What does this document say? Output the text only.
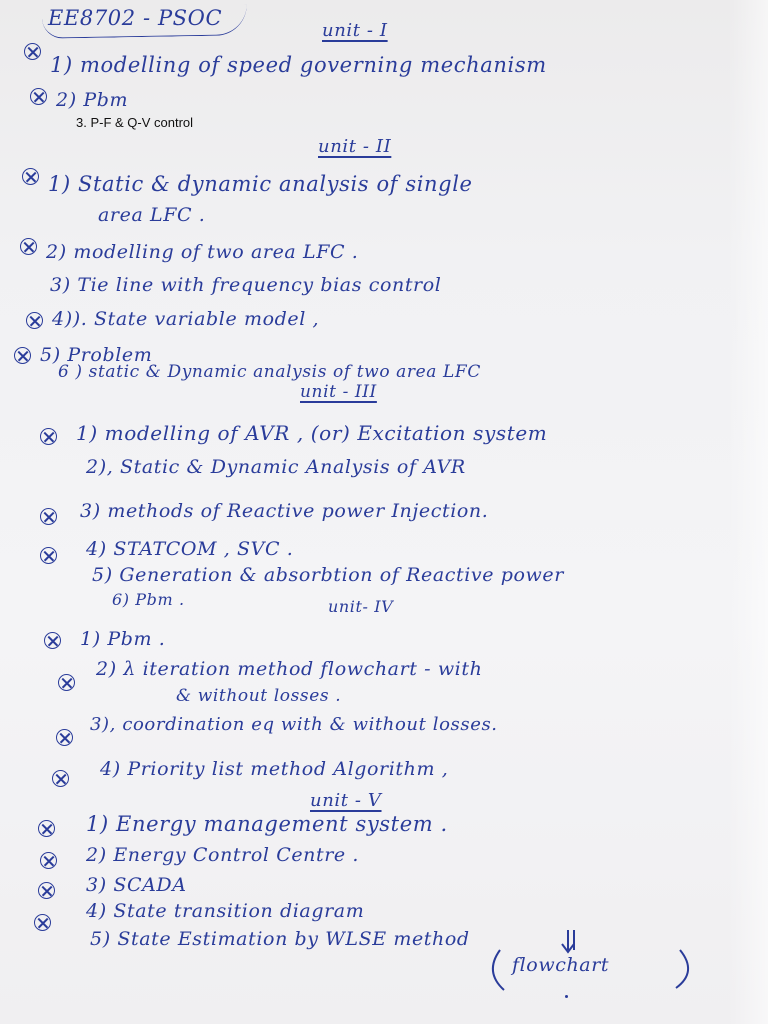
EE8702 - PSOC
unit - I
1) modelling of speed governing mechanism
2) Pbm
3. P-F & Q-V control
unit - II
1) Static & dynamic analysis of single
area LFC .
2) modelling of two area LFC .
3) Tie line with frequency bias control
4)). State variable model ,
5) Problem
6 ) static & Dynamic analysis of two area LFC
unit - III
1) modelling of AVR , (or) Excitation system
2), Static & Dynamic Analysis of AVR
3) methods of Reactive power Injection.
4) STATCOM , SVC .
5) Generation & absorbtion of Reactive power
6) Pbm .	unit- IV
1) Pbm .
2) λ iteration method flowchart - with
& without losses .
3), coordination eq with & without losses.
4) Priority list method Algorithm ,
unit - V
1) Energy management system .
2) Energy Control Centre .
3) SCADA
4) State transition diagram
5) State Estimation by WLSE method
flowchart
